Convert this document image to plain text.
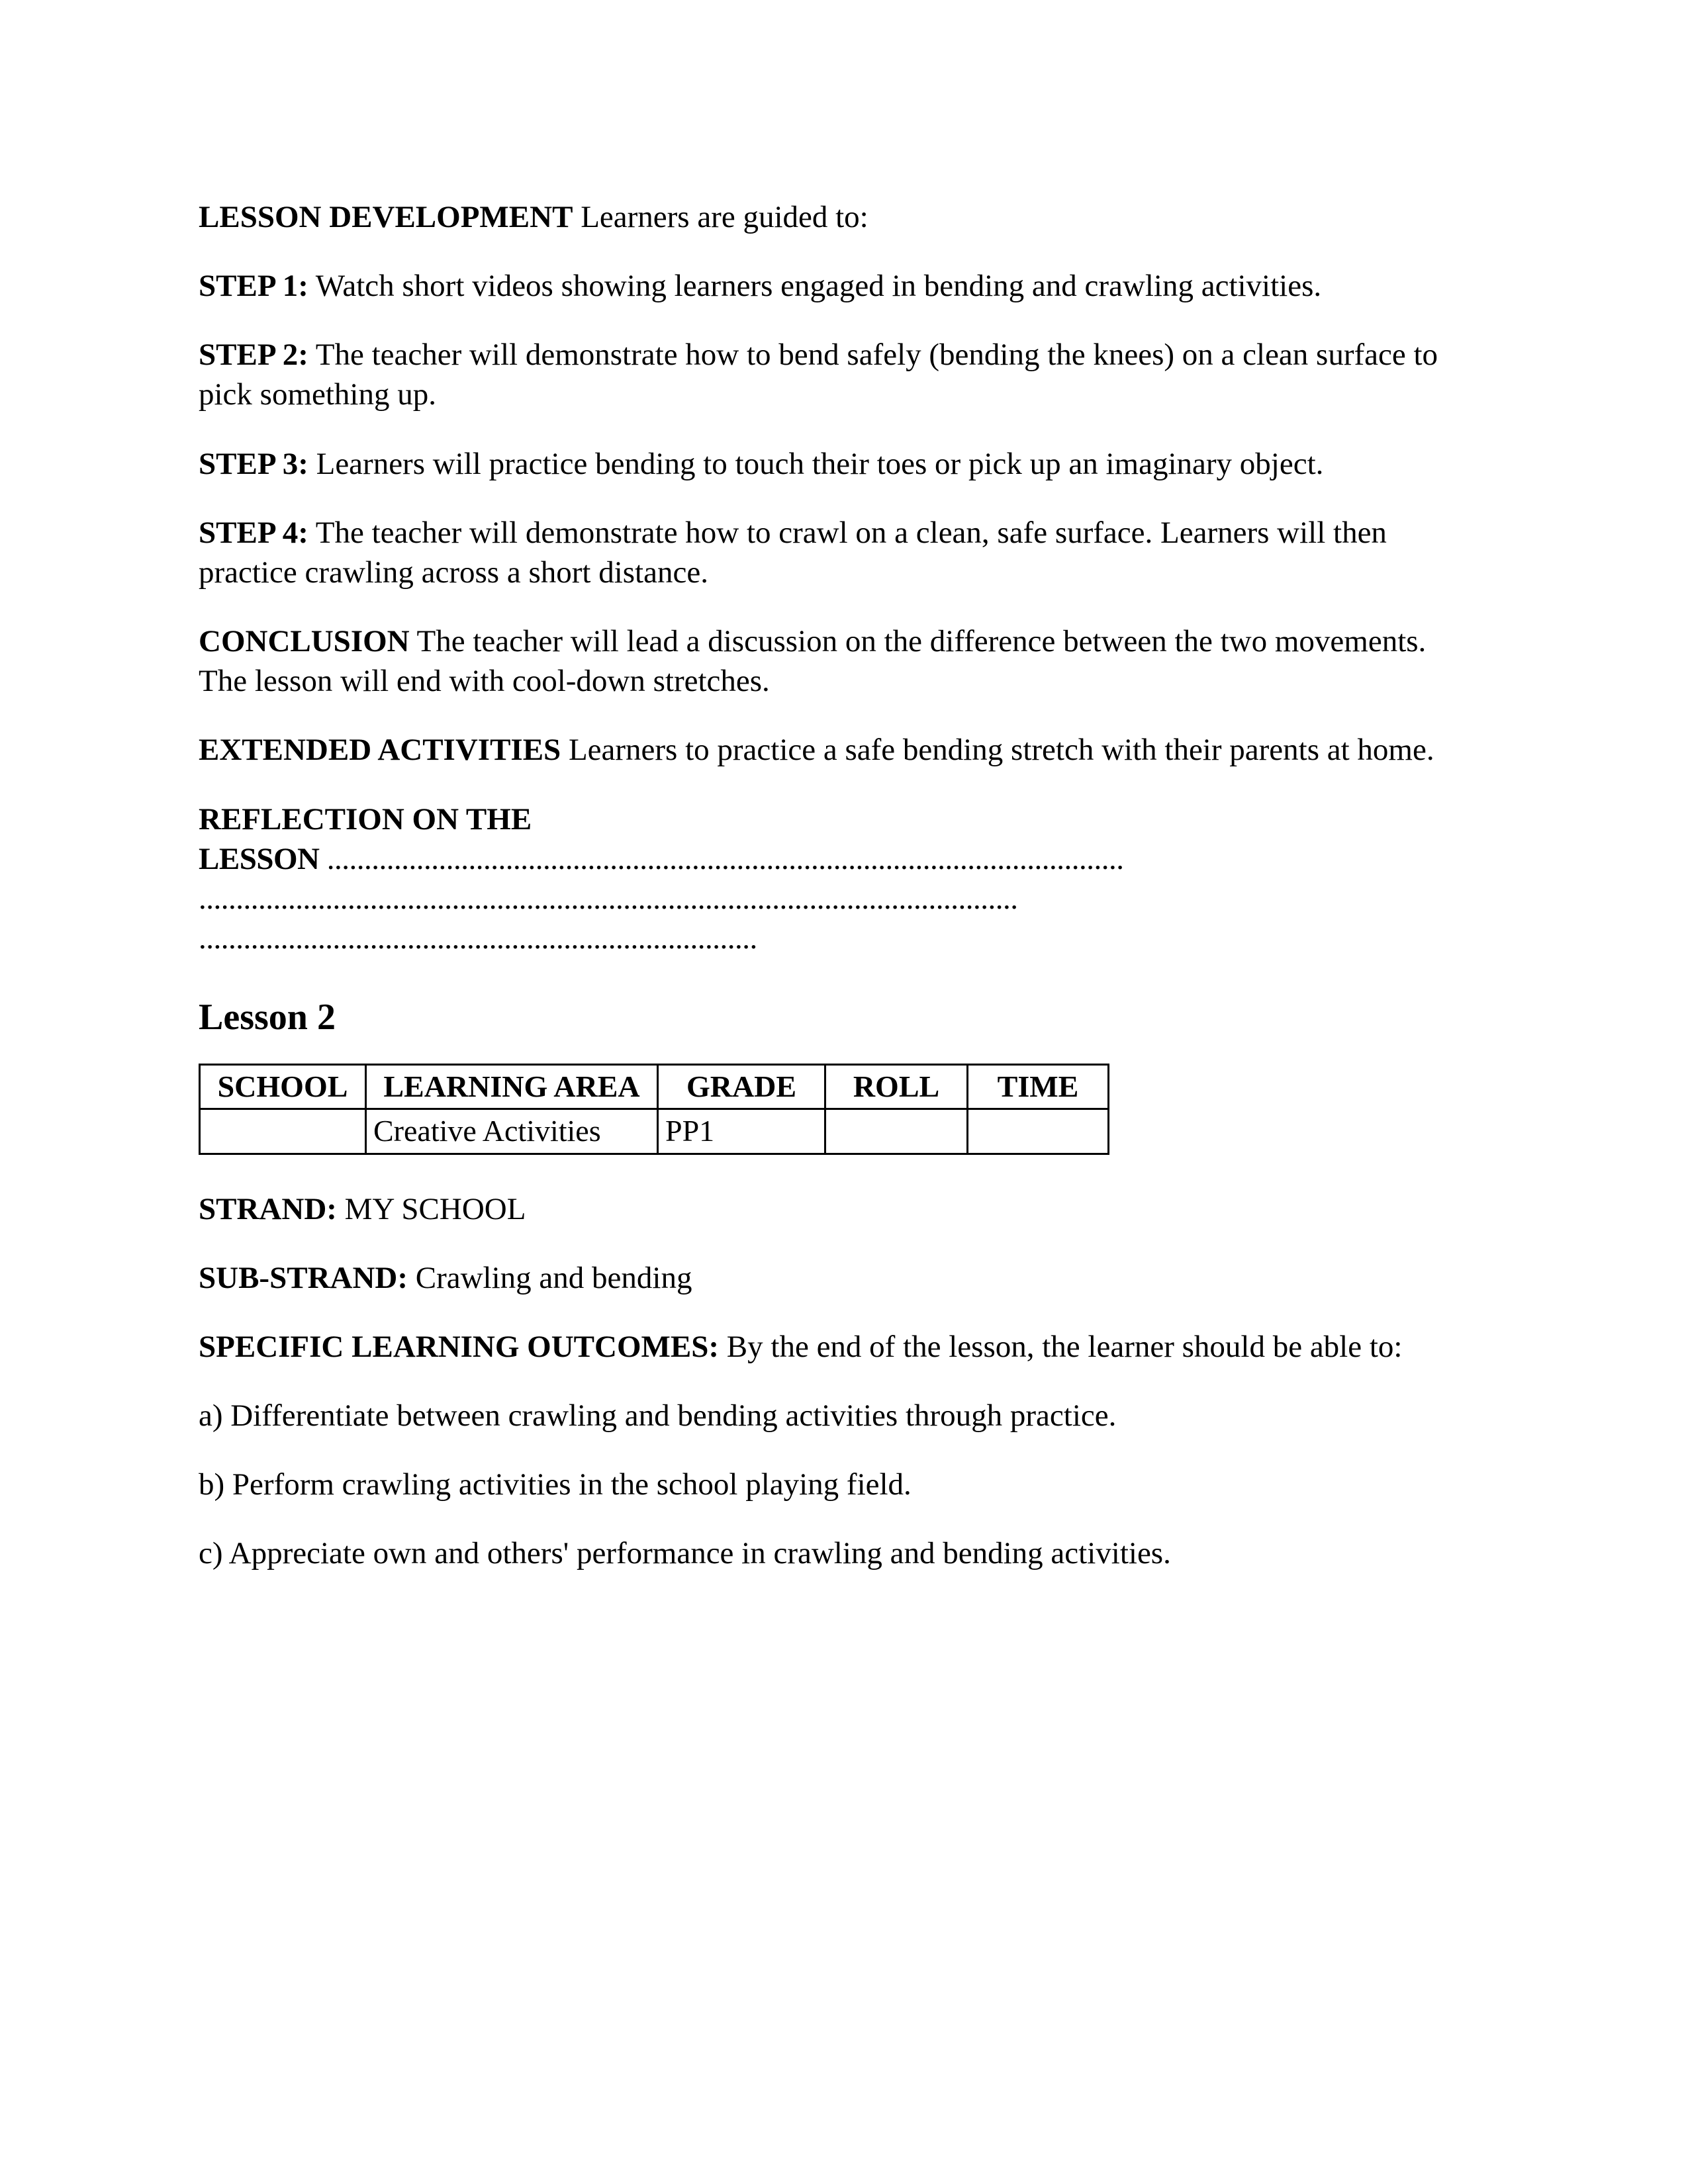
LESSON DEVELOPMENT Learners are guided to:

STEP 1: Watch short videos showing learners engaged in bending and crawling activities.

STEP 2: The teacher will demonstrate how to bend safely (bending the knees) on a clean surface to pick something up.

STEP 3: Learners will practice bending to touch their toes or pick up an imaginary object.

STEP 4: The teacher will demonstrate how to crawl on a clean, safe surface. Learners will then practice crawling across a short distance.

CONCLUSION The teacher will lead a discussion on the difference between the two movements. The lesson will end with cool-down stretches.

EXTENDED ACTIVITIES Learners to practice a safe bending stretch with their parents at home.

REFLECTION ON THE
LESSON ...........................................................................................................
..............................................................................................................
...........................................................................
Lesson 2
SCHOOL	LEARNING AREA	GRADE	ROLL	TIME
	Creative Activities	PP1		

STRAND: MY SCHOOL

SUB-STRAND: Crawling and bending

SPECIFIC LEARNING OUTCOMES: By the end of the lesson, the learner should be able to:

a) Differentiate between crawling and bending activities through practice.

b) Perform crawling activities in the school playing field.

c) Appreciate own and others' performance in crawling and bending activities.
